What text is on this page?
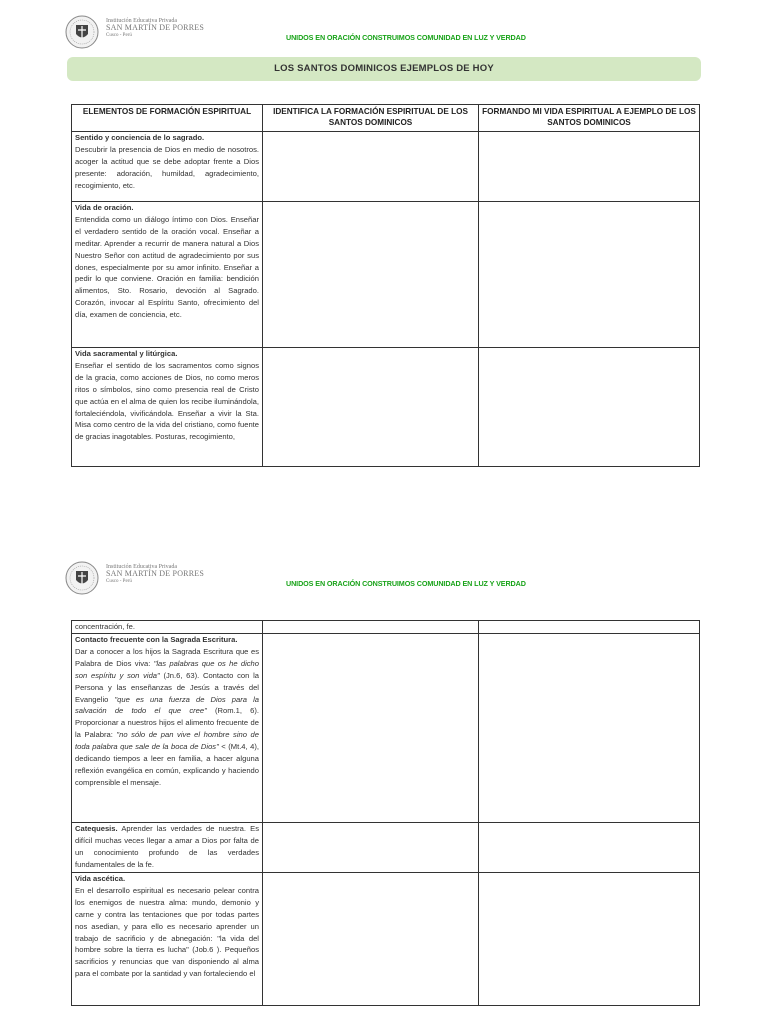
Institución Educativa Privada
SAN MARTÍN DE PORRES
Cusco - Perú	UNIDOS EN ORACIÓN CONSTRUIMOS COMUNIDAD EN LUZ Y VERDAD
LOS SANTOS DOMINICOS EJEMPLOS DE HOY
ELEMENTOS DE FORMACIÓN ESPIRITUAL	IDENTIFICA LA FORMACIÓN ESPIRITUAL DE LOS SANTOS DOMINICOS	FORMANDO MI VIDA ESPIRITUAL A EJEMPLO DE LOS SANTOS DOMINICOS

Sentido y conciencia de lo sagrado.
Descubrir la presencia de Dios en medio de nosotros. acoger la actitud que se debe adoptar frente a Dios presente: adoración, humildad, agradecimiento, recogimiento, etc.		

Vida de oración.
Entendida como un diálogo íntimo con Dios. Enseñar el verdadero sentido de la oración vocal. Enseñar a meditar. Aprender a recurrir de manera natural a Dios Nuestro Señor con actitud de agradecimiento por sus dones, especialmente por su amor infinito. Enseñar a pedir lo que conviene. Oración en familia: bendición alimentos, Sto. Rosario, devoción al Sagrado. Corazón, invocar al Espíritu Santo, ofrecimiento del día, examen de conciencia, etc.		

Vida sacramental y litúrgica.
Enseñar el sentido de los sacramentos como signos de la gracia, como acciones de Dios, no como meros ritos o símbolos, sino como presencia real de Cristo que actúa en el alma de quien los recibe iluminándola, fortaleciéndola, vivificándola. Enseñar a vivir la Sta. Misa como centro de la vida del cristiano, como fuente de gracias inagotables. Posturas, recogimiento,		

Institución Educativa Privada
SAN MARTÍN DE PORRES
Cusco - Perú	UNIDOS EN ORACIÓN CONSTRUIMOS COMUNIDAD EN LUZ Y VERDAD
concentración, fe.		

Contacto frecuente con la Sagrada Escritura.
Dar a conocer a los hijos la Sagrada Escritura que es Palabra de Dios viva: "las palabras que os he dicho son espíritu y son vida" (Jn.6, 63). Contacto con la Persona y las enseñanzas de Jesús a través del Evangelio "que es una fuerza de Dios para la salvación de todo el que cree" (Rom.1, 6). Proporcionar a nuestros hijos el alimento frecuente de la Palabra: "no sólo de pan vive el hombre sino de toda palabra que sale de la boca de Dios" < (Mt.4, 4), dedicando tiempos a leer en familia, a hacer alguna reflexión evangélica en común, explicando y haciendo comprensible el mensaje.		

Catequesis. Aprender las verdades de nuestra. Es difícil muchas veces llegar a amar a Dios por falta de un conocimiento profundo de las verdades fundamentales de la fe.		

Vida ascética.
En el desarrollo espiritual es necesario pelear contra los enemigos de nuestra alma: mundo, demonio y carne y contra las tentaciones que por todas partes nos asedian, y para ello es necesario aprender un trabajo de sacrificio y de abnegación: "la vida del hombre sobre la tierra es lucha" (Job.6 ). Pequeños sacrificios y renuncias que van disponiendo al alma para el combate por la santidad y van fortaleciendo el		
